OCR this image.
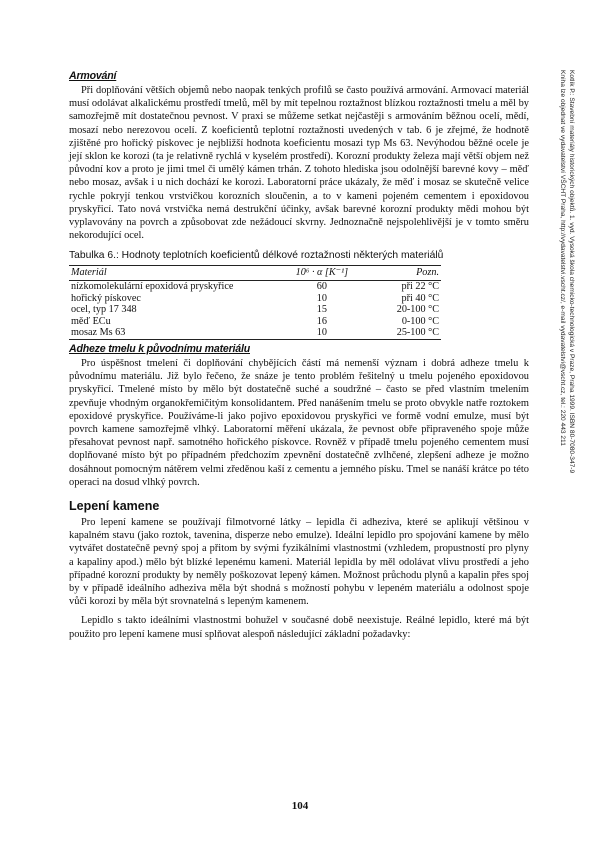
Armování

Při doplňování větších objemů nebo naopak tenkých profilů se často používá armování. Armovací materiál musí odolávat alkalickému prostředí tmelů, měl by mít tepelnou roztažnost blízkou roztažnosti tmelu a měl by samozřejmě mít dostatečnou pevnost. V praxi se můžeme setkat nejčastěji s armováním běžnou ocelí, mědí, mosazí nebo nerezovou ocelí. Z koeficientů teplotní roztažnosti uvedených v tab. 6 je zřejmé, že hodnotě zjištěné pro hořický pískovec je nejbližší hodnota koeficientu mosazi typ Ms 63. Nevýhodou běžné ocele je její sklon ke korozi (ta je relativně rychlá v kyselém prostředí). Korozní produkty železa mají větší objem než původní kov a proto je jimi tmel či umělý kámen trhán. Z tohoto hlediska jsou odolnější barevné kovy – měď nebo mosaz, avšak i u nich dochází ke korozi. Laboratorní práce ukázaly, že měď i mosaz se skutečně velice rychle pokryjí tenkou vrstvičkou korozních sloučenin, a to v kameni pojeném cementem i epoxidovou pryskyřicí. Tato nová vrstvička nemá destrukční účinky, avšak barevné korozní produkty mědi mohou být vyplavovány na povrch a způsobovat zde nežádoucí skvrny. Jednoznačně nejspolehlivější je v tomto směru nekorodující ocel.

Tabulka 6.: Hodnoty teplotních koeficientů délkové roztažnosti některých materiálů
Materiál	10⁶ · α [K⁻¹]	Pozn.
nízkomolekulární epoxidová pryskyřice	60	při 22 °C
hořický pískovec	10	při 40 °C
ocel, typ 17 348	15	20-100 °C
měď ECu	16	0-100 °C
mosaz Ms 63	10	25-100 °C
Adheze tmelu k původnímu materiálu

Pro úspěšnost tmelení či doplňování chybějících částí má nemenší význam i dobrá adheze tmelu k původnímu materiálu. Již bylo řečeno, že snáze je tento problém řešitelný u tmelu pojeného epoxidovou pryskyřicí. Tmelené místo by mělo být dostatečně suché a soudržné – často se před vlastním tmelením zpevňuje vhodným organokřemičitým konsolidantem. Před nanášením tmelu se proto obvykle natře roztokem epoxidové pryskyřice. Používáme-li jako pojivo epoxidovou pryskyřici ve formě vodní emulze, musí být povrch kamene samozřejmě vlhký. Laboratorní měření ukázala, že pevnost obře připraveného spoje může přesahovat pevnost např. samotného hořického pískovce. Rovněž v případě tmelu pojeného cementem musí doplňované místo být po případném předchozím zpevnění dostatečně zvlhčené, zlepšení adheze je možno dosáhnout pomocným nátěrem velmi zředěnou kaší z cementu a jemného písku. Tmel se nanáší krátce po této operaci na dosud vlhký povrch.

Lepení kamene

Pro lepení kamene se používají filmotvorné látky – lepidla či adheziva, které se aplikují většinou v kapalném stavu (jako roztok, tavenina, disperze nebo emulze). Ideální lepidlo pro spojování kamene by mělo vytvářet dostatečně pevný spoj a přitom by svými fyzikálními vlastnostmi (vzhledem, propustností pro plyny a kapaliny apod.) mělo být blízké lepenému kameni. Materiál lepidla by měl odolávat vlivu prostředí a jeho případné korozní produkty by neměly poškozovat lepený kámen. Možnost průchodu plynů a kapalin přes spoj by v případě ideálního adheziva měla být shodná s možností pohybu v lepeném materiálu a odolnost spoje vůči korozi by měla být srovnatelná s lepeným kamenem.

Lepidlo s takto ideálními vlastnostmi bohužel v současné době neexistuje. Reálné lepidlo, které má být použito pro lepení kamene musí splňovat alespoň následující základní požadavky:

104
Kotlík P.: Stavební materiály historických objektů. 1. vyd. Vysoká škola chemicko-technologická v Praze, Praha 1999. ISBN 80-7080-347-9
Kniha lze objednat ve vydavatelství VŠCHT Praha, http://vydavatelstvi.vscht.cz/, e-mail vydavatelstvi@vscht.cz, tel.: 220 443 211
